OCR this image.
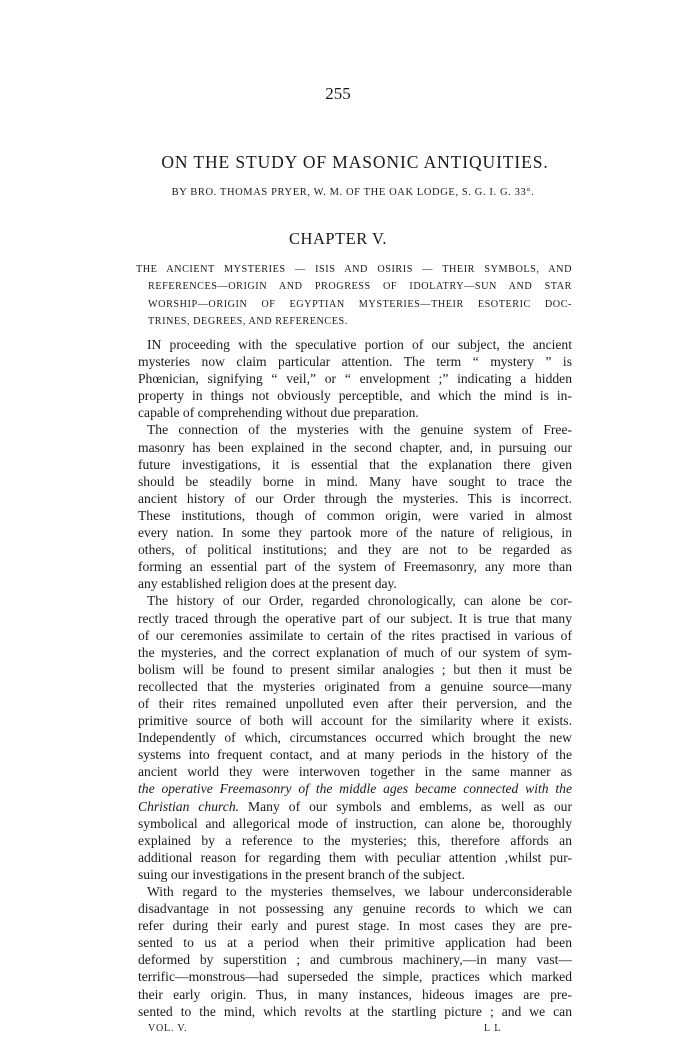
255
ON THE STUDY OF MASONIC ANTIQUITIES.
BY BRO. THOMAS PRYER, W. M. OF THE OAK LODGE, S. G. I. G. 33°.
CHAPTER V.
THE ANCIENT MYSTERIES — ISIS AND OSIRIS — THEIR SYMBOLS, AND
REFERENCES—ORIGIN AND PROGRESS OF IDOLATRY—SUN AND STAR
WORSHIP—ORIGIN OF EGYPTIAN MYSTERIES—THEIR ESOTERIC DOC-
TRINES, DEGREES, AND REFERENCES.
IN proceeding with the speculative portion of our subject, the ancient
mysteries now claim particular attention. The term “ mystery ” is
Phœnician, signifying “ veil,” or “ envelopment ;” indicating a hidden
property in things not obviously perceptible, and which the mind is in-
capable of comprehending without due preparation.
The connection of the mysteries with the genuine system of Free-
masonry has been explained in the second chapter, and, in pursuing our
future investigations, it is essential that the explanation there given
should be steadily borne in mind. Many have sought to trace the
ancient history of our Order through the mysteries. This is incorrect.
These institutions, though of common origin, were varied in almost
every nation. In some they partook more of the nature of religious, in
others, of political institutions; and they are not to be regarded as
forming an essential part of the system of Freemasonry, any more than
any established religion does at the present day.
The history of our Order, regarded chronologically, can alone be cor-
rectly traced through the operative part of our subject. It is true that many
of our ceremonies assimilate to certain of the rites practised in various of
the mysteries, and the correct explanation of much of our system of sym-
bolism will be found to present similar analogies ; but then it must be
recollected that the mysteries originated from a genuine source—many
of their rites remained unpolluted even after their perversion, and the
primitive source of both will account for the similarity where it exists.
Independently of which, circumstances occurred which brought the new
systems into frequent contact, and at many periods in the history of the
ancient world they were interwoven together in the same manner as
the operative Freemasonry of the middle ages became connected with the
Christian church. Many of our symbols and emblems, as well as our
symbolical and allegorical mode of instruction, can alone be, thoroughly
explained by a reference to the mysteries; this, therefore affords an
additional reason for regarding them with peculiar attention ,whilst pur-
suing our investigations in the present branch of the subject.
With regard to the mysteries themselves, we labour underconsiderable
disadvantage in not possessing any genuine records to which we can
refer during their early and purest stage. In most cases they are pre-
sented to us at a period when their primitive application had been
deformed by superstition ; and cumbrous machinery,—in many vast—
terrific—monstrous—had superseded the simple, practices which marked
their early origin. Thus, in many instances, hideous images are pre-
sented to the mind, which revolts at the startling picture ; and we can
VOL. V.	L L
